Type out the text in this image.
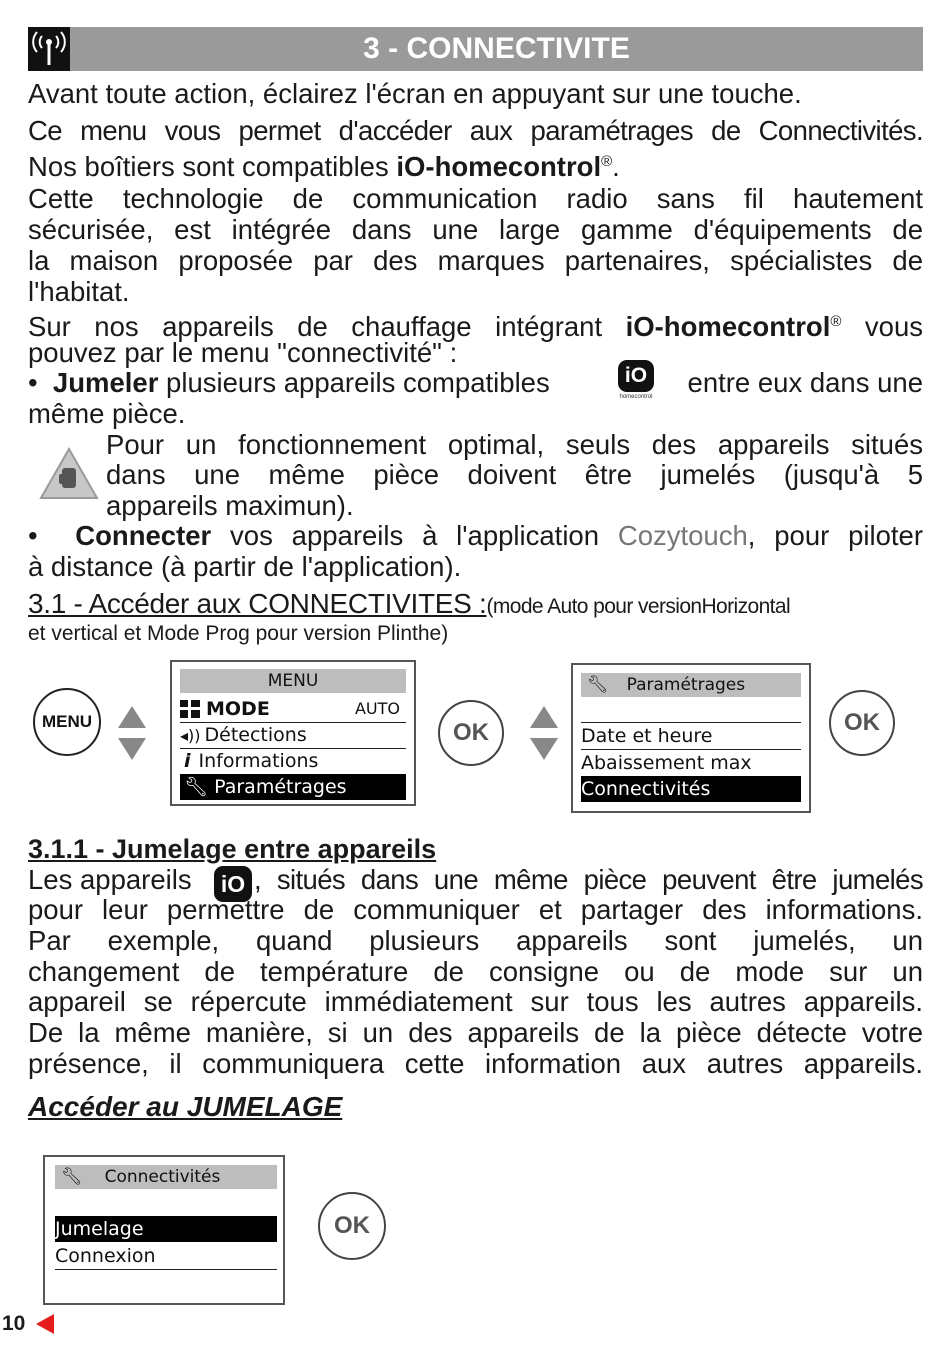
3 - CONNECTIVITE
Avant toute action, éclairez l'écran en appuyant sur une touche.
Ce menu vous permet d'accéder aux paramétrages de Connectivités.
Nos boîtiers sont compatibles iO-homecontrol®.
Cette technologie de communication radio sans fil hautement
sécurisée, est intégrée dans une large gamme d'équipements de
la maison proposée par des marques partenaires, spécialistes de
l'habitat.
Sur nos appareils de chauffage intégrant iO-homecontrol® vous
pouvez par le menu "connectivité" :
•  Jumeler plusieurs appareils compatibles	iO
homecontrol	entre eux dans une
même pièce.
Pour un fonctionnement optimal, seuls des appareils situés
dans une même pièce doivent être jumelés (jusqu'à 5
appareils maximun).
•  Connecter vos appareils à l'application Cozytouch, pour piloter
à distance (à partir de l'application).
3.1 - Accéder aux CONNECTIVITES :(mode Auto pour versionHorizontal
et vertical et Mode Prog pour version Plinthe)
MENU
MENU
MODE	AUTO
◂)) Détections
i Informations
🔧︎ Paramétrages
OK
🔧︎ Paramétrages
Date et heure
Abaissement max
Connectivités
OK
3.1.1 - Jumelage entre appareils
Les appareils	iO , situés dans une même pièce peuvent être jumelés
pour leur permettre de communiquer et partager des informations.
Par exemple, quand plusieurs appareils sont jumelés, un
changement de température de consigne ou de mode sur un
appareil se répercute immédiatement sur tous les autres appareils.
De la même manière, si un des appareils de la pièce détecte votre
présence, il communiquera cette information aux autres appareils.
Accéder au JUMELAGE
🔧︎ Connectivités
Jumelage
Connexion
OK
10
